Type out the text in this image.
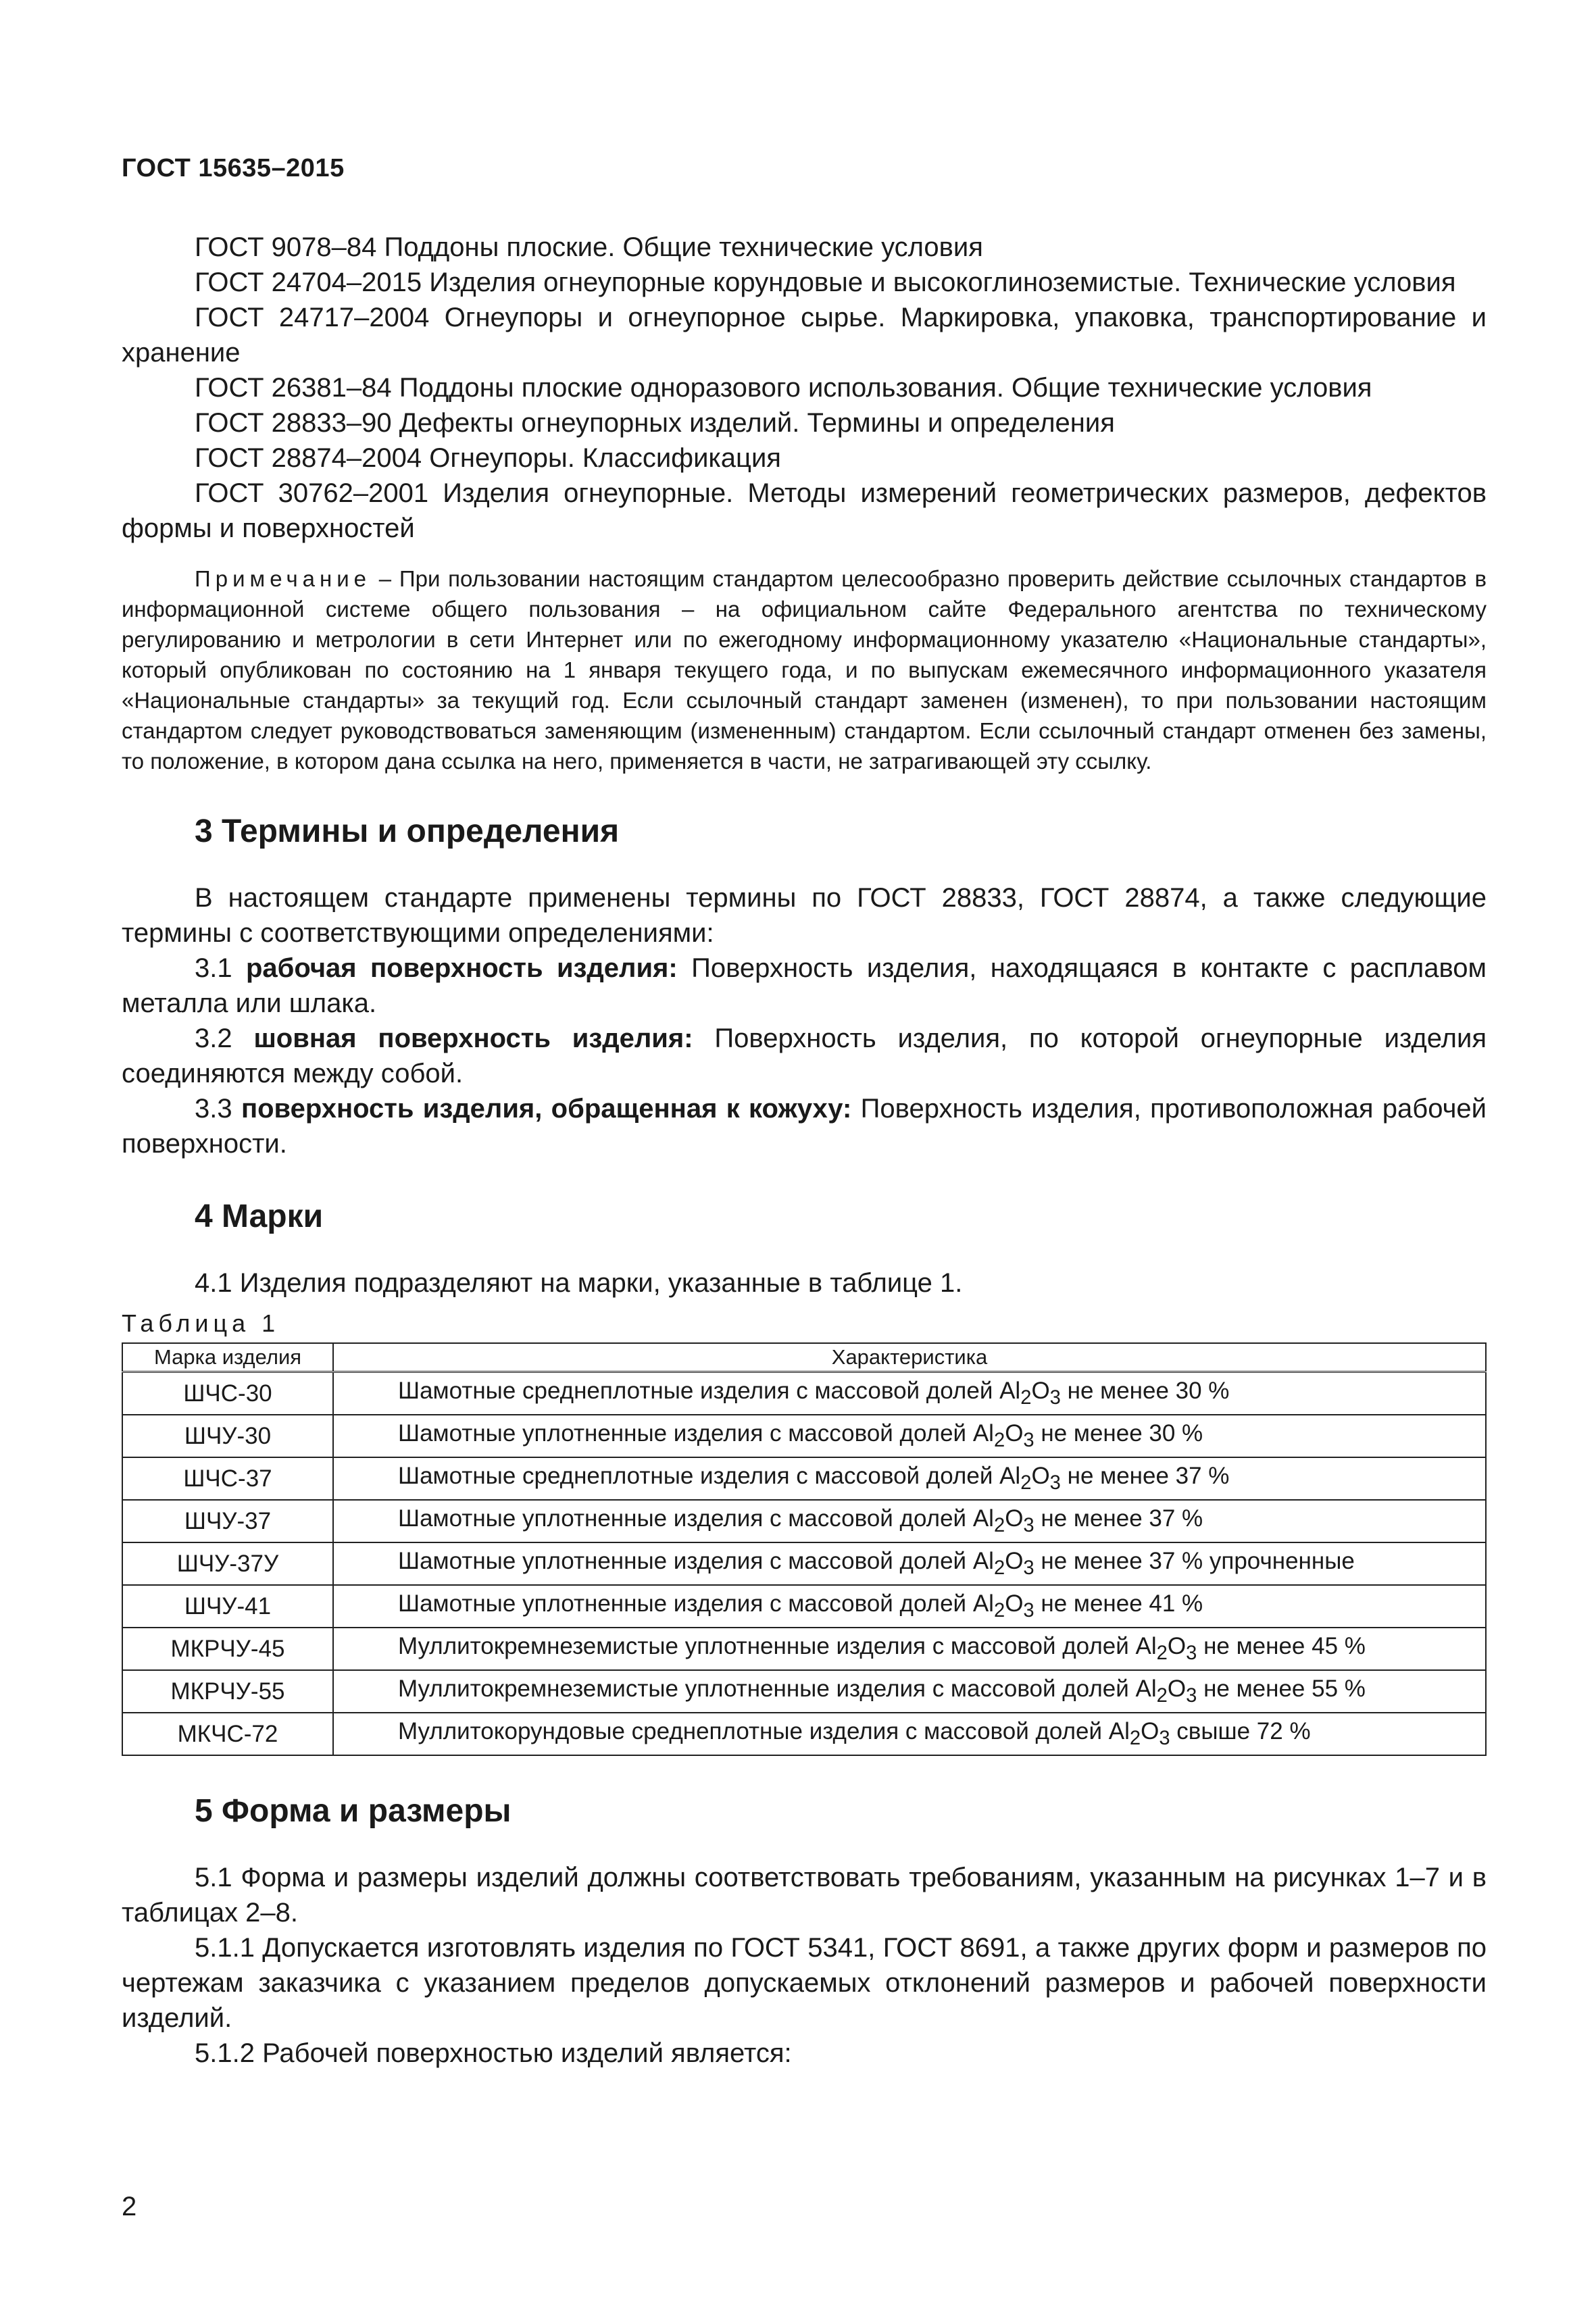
ГОСТ 15635–2015

ГОСТ 9078–84 Поддоны плоские. Общие технические условия

ГОСТ 24704–2015 Изделия огнеупорные корундовые и высокоглиноземистые. Технические условия

ГОСТ 24717–2004 Огнеупоры и огнеупорное сырье. Маркировка, упаковка, транспортирование и хранение

ГОСТ 26381–84 Поддоны плоские одноразового использования. Общие технические условия

ГОСТ 28833–90 Дефекты огнеупорных изделий. Термины и определения

ГОСТ 28874–2004 Огнеупоры. Классификация

ГОСТ 30762–2001 Изделия огнеупорные. Методы измерений геометрических размеров, дефектов формы и поверхностей

Примечание – При пользовании настоящим стандартом целесообразно проверить действие ссылочных стандартов в информационной системе общего пользования – на официальном сайте Федерального агентства по техническому регулированию и метрологии в сети Интернет или по ежегодному информационному указателю «Национальные стандарты», который опубликован по состоянию на 1 января текущего года, и по выпускам ежемесячного информационного указателя «Национальные стандарты» за текущий год. Если ссылочный стандарт заменен (изменен), то при пользовании настоящим стандартом следует руководствоваться заменяющим (измененным) стандартом. Если ссылочный стандарт отменен без замены, то положение, в котором дана ссылка на него, применяется в части, не затрагивающей эту ссылку.
3 Термины и определения

В настоящем стандарте применены термины по ГОСТ 28833, ГОСТ 28874, а также следующие термины с соответствующими определениями:

3.1 рабочая поверхность изделия: Поверхность изделия, находящаяся в контакте с расплавом металла или шлака.

3.2 шовная поверхность изделия: Поверхность изделия, по которой огнеупорные изделия соединяются между собой.

3.3 поверхность изделия, обращенная к кожуху: Поверхность изделия, противоположная рабочей поверхности.

4 Марки

4.1 Изделия подразделяют на марки, указанные в таблице 1.

Таблица 1
Марка изделия	Характеристика
ШЧС-30	Шамотные среднеплотные изделия с массовой долей $Al_2O_3$ не менее 30 %
ШЧУ-30	Шамотные уплотненные изделия с массовой долей $Al_2O_3$ не менее 30 %
ШЧС-37	Шамотные среднеплотные изделия с массовой долей $Al_2O_3$ не менее 37 %
ШЧУ-37	Шамотные уплотненные изделия с массовой долей $Al_2O_3$ не менее 37 %
ШЧУ-37У	Шамотные уплотненные изделия с массовой долей $Al_2O_3$ не менее 37 % упрочненные
ШЧУ-41	Шамотные уплотненные изделия с массовой долей $Al_2O_3$ не менее 41 %
МКРЧУ-45	Муллитокремнеземистые уплотненные изделия с массовой долей $Al_2O_3$ не менее 45 %
МКРЧУ-55	Муллитокремнеземистые уплотненные изделия с массовой долей $Al_2O_3$ не менее 55 %
МКЧС-72	Муллитокорундовые среднеплотные изделия с массовой долей $Al_2O_3$ свыше 72 %
5 Форма и размеры

5.1 Форма и размеры изделий должны соответствовать требованиям, указанным на рисунках 1–7 и в таблицах 2–8.

5.1.1 Допускается изготовлять изделия по ГОСТ 5341, ГОСТ 8691, а также других форм и размеров по чертежам заказчика с указанием пределов допускаемых отклонений размеров и рабочей поверхности изделий.

5.1.2 Рабочей поверхностью изделий является:

2
